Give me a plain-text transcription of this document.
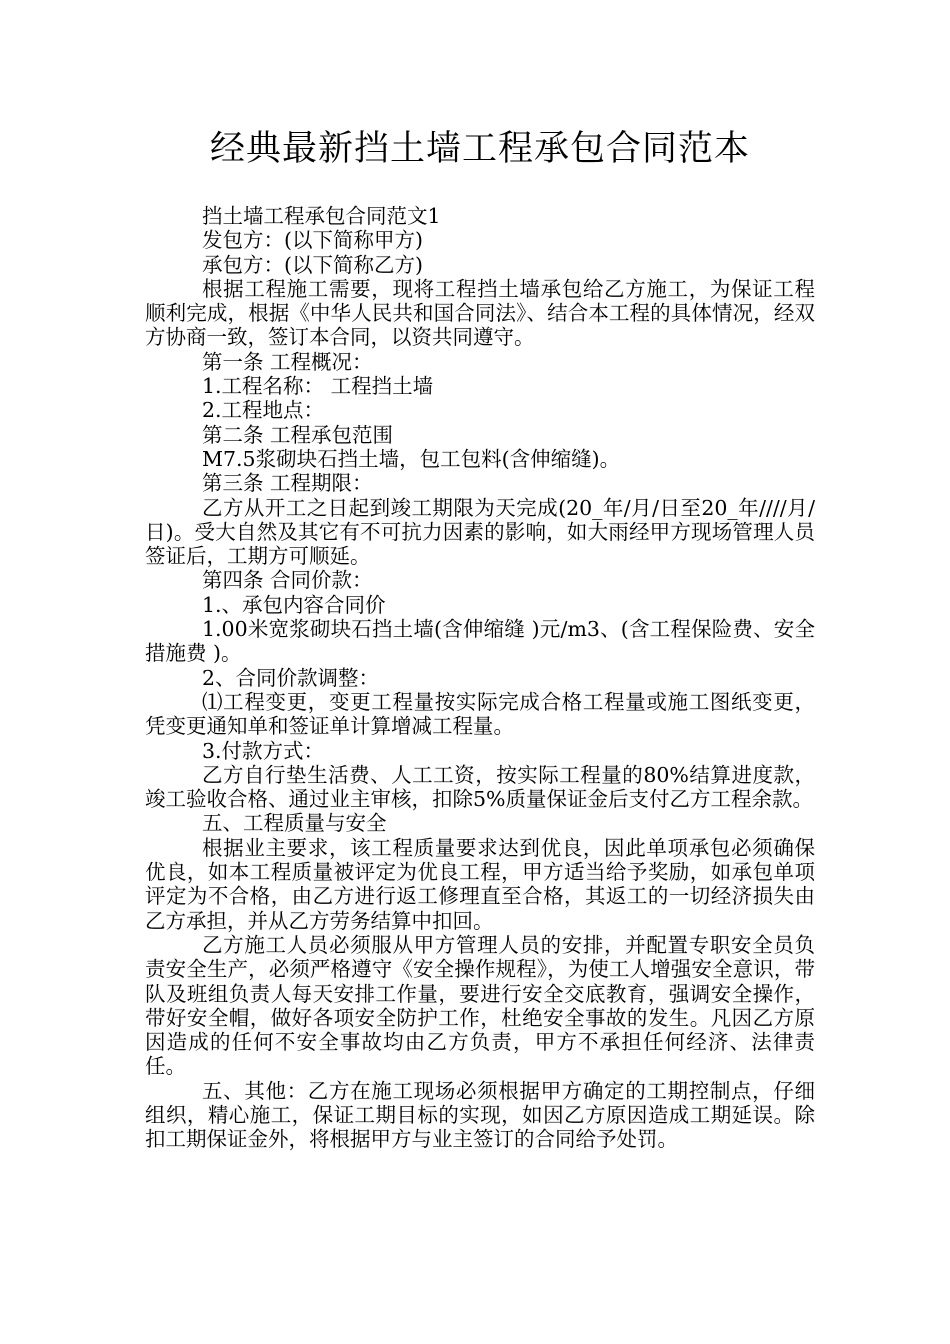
经典最新挡土墙工程承包合同范本

挡土墙工程承包合同范文1

发包方：(以下简称甲方)

承包方：(以下简称乙方)

根据工程施工需要，现将工程挡土墙承包给乙方施工，为保证工程顺利完成，根据《中华人民共和国合同法》、结合本工程的具体情况，经双方协商一致，签订本合同，以资共同遵守。

第一条 工程概况：

1.工程名称： 工程挡土墙

2.工程地点：

第二条 工程承包范围

M7.5浆砌块石挡土墙，包工包料(含伸缩缝)。

第三条 工程期限：

乙方从开工之日起到竣工期限为天完成(20_年/月/日至20_年////月/日)。受大自然及其它有不可抗力因素的影响，如大雨经甲方现场管理人员签证后，工期方可顺延。

第四条 合同价款：

1.、承包内容合同价

1.00米宽浆砌块石挡土墙(含伸缩缝 )元/m3、(含工程保险费、安全措施费 )。

2、合同价款调整：

⑴工程变更，变更工程量按实际完成合格工程量或施工图纸变更，凭变更通知单和签证单计算增减工程量。

3.付款方式：

乙方自行垫生活费、人工工资，按实际工程量的80%结算进度款，竣工验收合格、通过业主审核，扣除5%质量保证金后支付乙方工程余款。

五、工程质量与安全

根据业主要求，该工程质量要求达到优良，因此单项承包必须确保优良，如本工程质量被评定为优良工程，甲方适当给予奖励，如承包单项评定为不合格，由乙方进行返工修理直至合格，其返工的一切经济损失由乙方承担，并从乙方劳务结算中扣回。

乙方施工人员必须服从甲方管理人员的安排，并配置专职安全员负责安全生产，必须严格遵守《安全操作规程》，为使工人增强安全意识，带队及班组负责人每天安排工作量，要进行安全交底教育，强调安全操作，带好安全帽，做好各项安全防护工作，杜绝安全事故的发生。凡因乙方原因造成的任何不安全事故均由乙方负责，甲方不承担任何经济、法律责任。

五、其他：乙方在施工现场必须根据甲方确定的工期控制点，仔细组织，精心施工，保证工期目标的实现，如因乙方原因造成工期延误。除扣工期保证金外，将根据甲方与业主签订的合同给予处罚。
